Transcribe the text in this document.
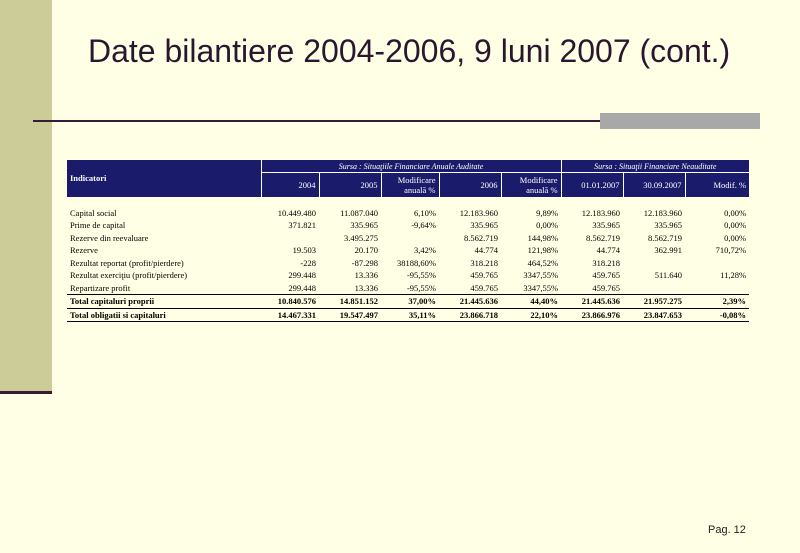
Date bilantiere 2004-2006, 9 luni 2007 (cont.)
Indicatori	Sursa : Situaţiile Financiare Anuale Auditate					Sursa : Situaţii Financiare Neauditate		
	2004	2005	Modificare anuală %	2006	Modificare anuală %	01.01.2007	30.09.2007	Modif. %

Capital social	10.449.480	11.087.040	6,10%	12.183.960	9,89%	12.183.960	12.183.960	0,00%
Prime de capital	371.821	335.965	-9,64%	335.965	0,00%	335.965	335.965	0,00%
Rezerve din reevaluare		3.495.275		8.562.719	144,98%	8.562.719	8.562.719	0,00%
Rezerve	19.503	20.170	3,42%	44.774	121,98%	44.774	362.991	710,72%
Rezultat reportat (profit/pierdere)	-228	-87.298	38188,60%	318.218	464,52%	318.218		
Rezultat exerciţiu (profit/pierdere)	299.448	13.336	-95,55%	459.765	3347,55%	459.765	511.640	11,28%
Repartizare profit	299.448	13.336	-95,55%	459.765	3347,55%	459.765		
Total capitaluri proprii	10.840.576	14.851.152	37,00%	21.445.636	44,40%	21.445.636	21.957.275	2,39%
Total obligatii si capitaluri	14.467.331	19.547.497	35,11%	23.866.718	22,10%	23.866.976	23.847.653	-0,08%
Pag. 12
